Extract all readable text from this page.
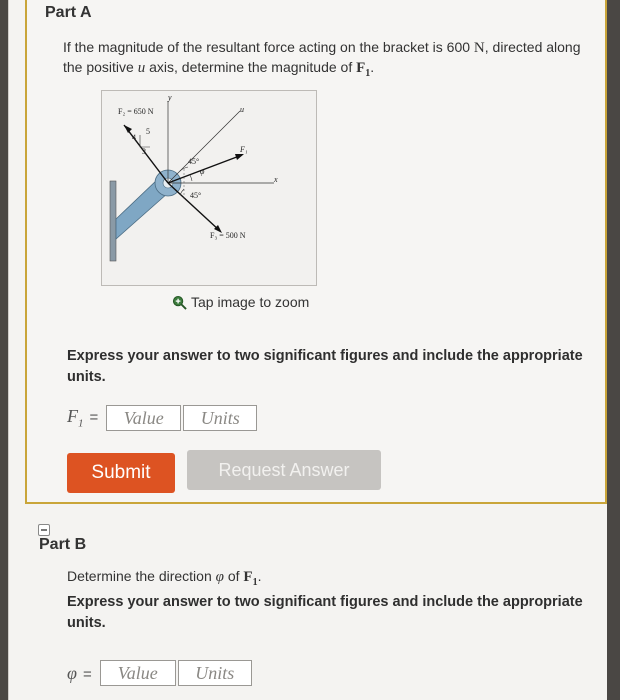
Part A
If the magnitude of the resultant force acting on the bracket is 600 N, directed along the positive u axis, determine the magnitude of $F_1$.
F₂ = 650 N
y
u
F₁
x
45°
φ
45°
4
5
3
F₃ = 500 N
Tap image to zoom
Express your answer to two significant figures and include the appropriate units.
$F_1$ =	Value	Units
Submit	Request Answer
Part B
Determine the direction φ of $F_1$.
Express your answer to two significant figures and include the appropriate units.
φ =	Value	Units
